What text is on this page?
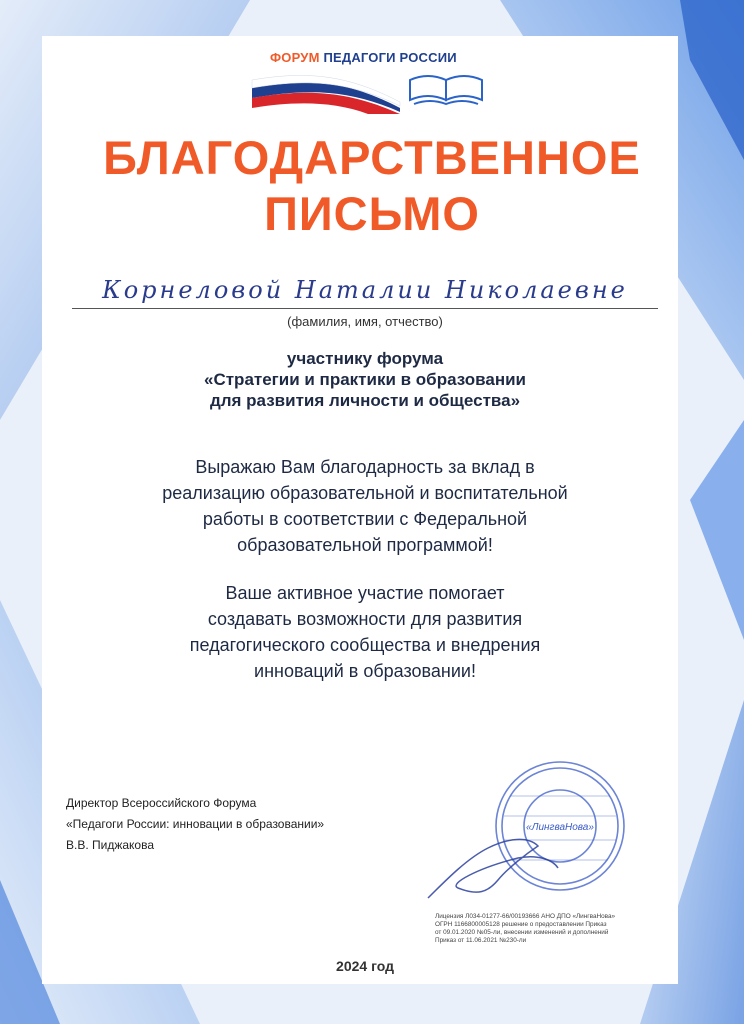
ФОРУМ ПЕДАГОГИ РОССИИ
БЛАГОДАРСТВЕННОЕ
ПИСЬМО
Корнеловой Наталии Николаевне
(фамилия, имя, отчество)
участнику форума
«Стратегии и практики в образовании
для развития личности и общества»
Выражаю Вам благодарность за вклад в
реализацию образовательной и воспитательной
работы в соответствии с Федеральной
образовательной программой!
Ваше активное участие помогает
создавать возможности для развития
педагогического сообщества и внедрения
инноваций в образовании!
Директор Всероссийского Форума
«Педагоги России: инновации в образовании»
В.В. Пиджакова
«ЛингваНова»
Лицензия Л034-01277-66/00193666 АНО ДПО «ЛингваНова»
ОГРН 1166800005128 решение о предоставлении Приказ
от 09.01.2020 №05-ли, внесении изменений и дополнений
Приказ от 11.06.2021 №230-ли
2024 год
